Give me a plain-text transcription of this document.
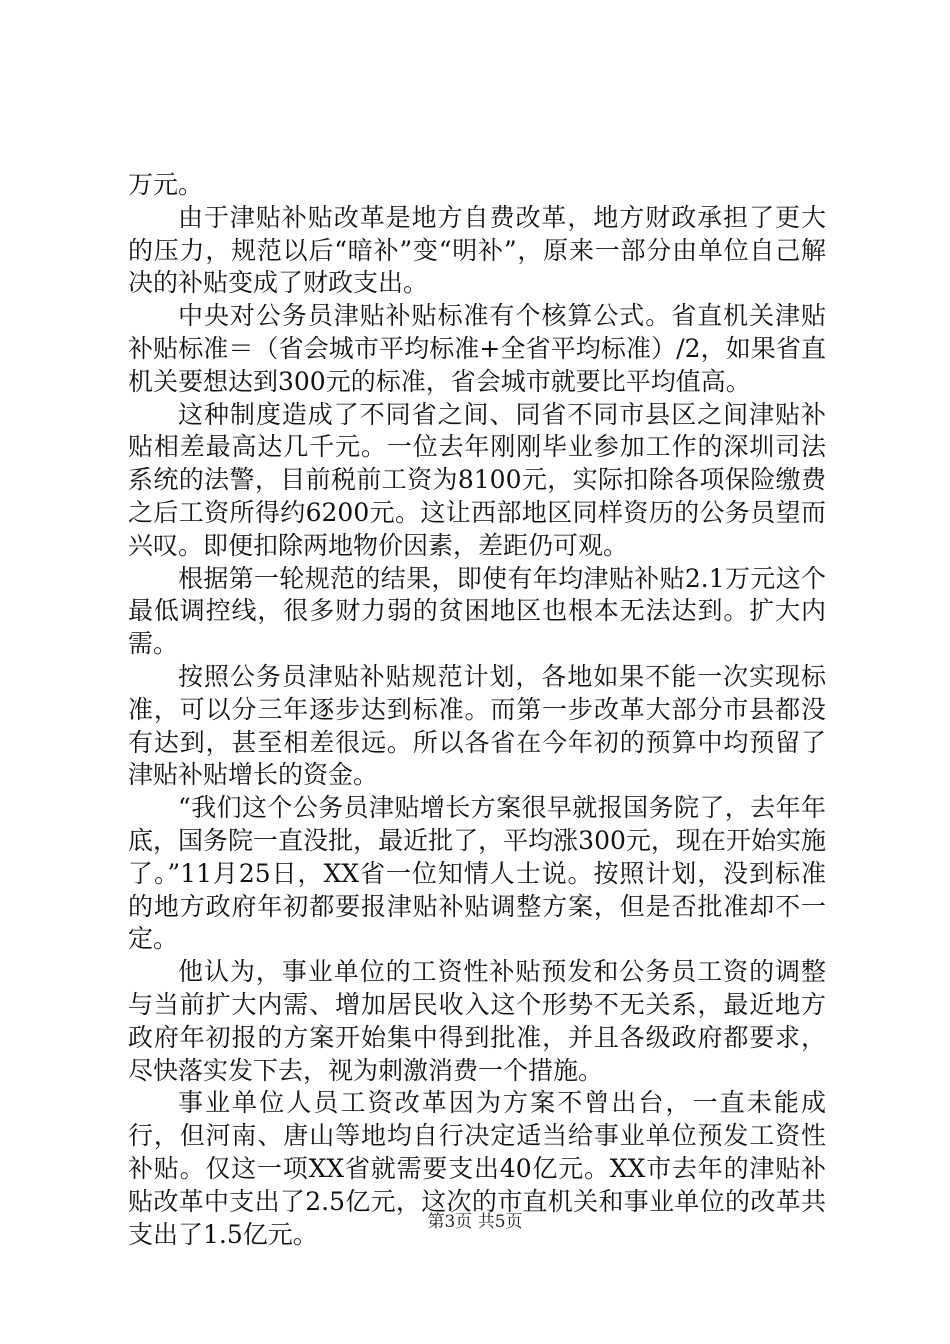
万元。

由于津贴补贴改革是地方自费改革，地方财政承担了更大的压力，规范以后“暗补”变“明补”，原来一部分由单位自己解决的补贴变成了财政支出。

中央对公务员津贴补贴标准有个核算公式。省直机关津贴补贴标准＝（省会城市平均标准+全省平均标准）/2，如果省直机关要想达到300元的标准，省会城市就要比平均值高。

这种制度造成了不同省之间、同省不同市县区之间津贴补贴相差最高达几千元。一位去年刚刚毕业参加工作的深圳司法系统的法警，目前税前工资为8100元，实际扣除各项保险缴费之后工资所得约6200元。这让西部地区同样资历的公务员望而兴叹。即便扣除两地物价因素，差距仍可观。

根据第一轮规范的结果，即使有年均津贴补贴2.1万元这个最低调控线，很多财力弱的贫困地区也根本无法达到。扩大内需。

按照公务员津贴补贴规范计划，各地如果不能一次实现标准，可以分三年逐步达到标准。而第一步改革大部分市县都没有达到，甚至相差很远。所以各省在今年初的预算中均预留了津贴补贴增长的资金。

“我们这个公务员津贴增长方案很早就报国务院了，去年年底，国务院一直没批，最近批了，平均涨300元，现在开始实施了。”11月25日，XX省一位知情人士说。按照计划，没到标准的地方政府年初都要报津贴补贴调整方案，但是否批准却不一定。

他认为，事业单位的工资性补贴预发和公务员工资的调整与当前扩大内需、增加居民收入这个形势不无关系，最近地方政府年初报的方案开始集中得到批准，并且各级政府都要求，尽快落实发下去，视为刺激消费一个措施。

事业单位人员工资改革因为方案不曾出台，一直未能成行，但河南、唐山等地均自行决定适当给事业单位预发工资性补贴。仅这一项XX省就需要支出40亿元。XX市去年的津贴补贴改革中支出了2.5亿元，这次的市直机关和事业单位的改革共支出了1.5亿元。	第3页 共5页
